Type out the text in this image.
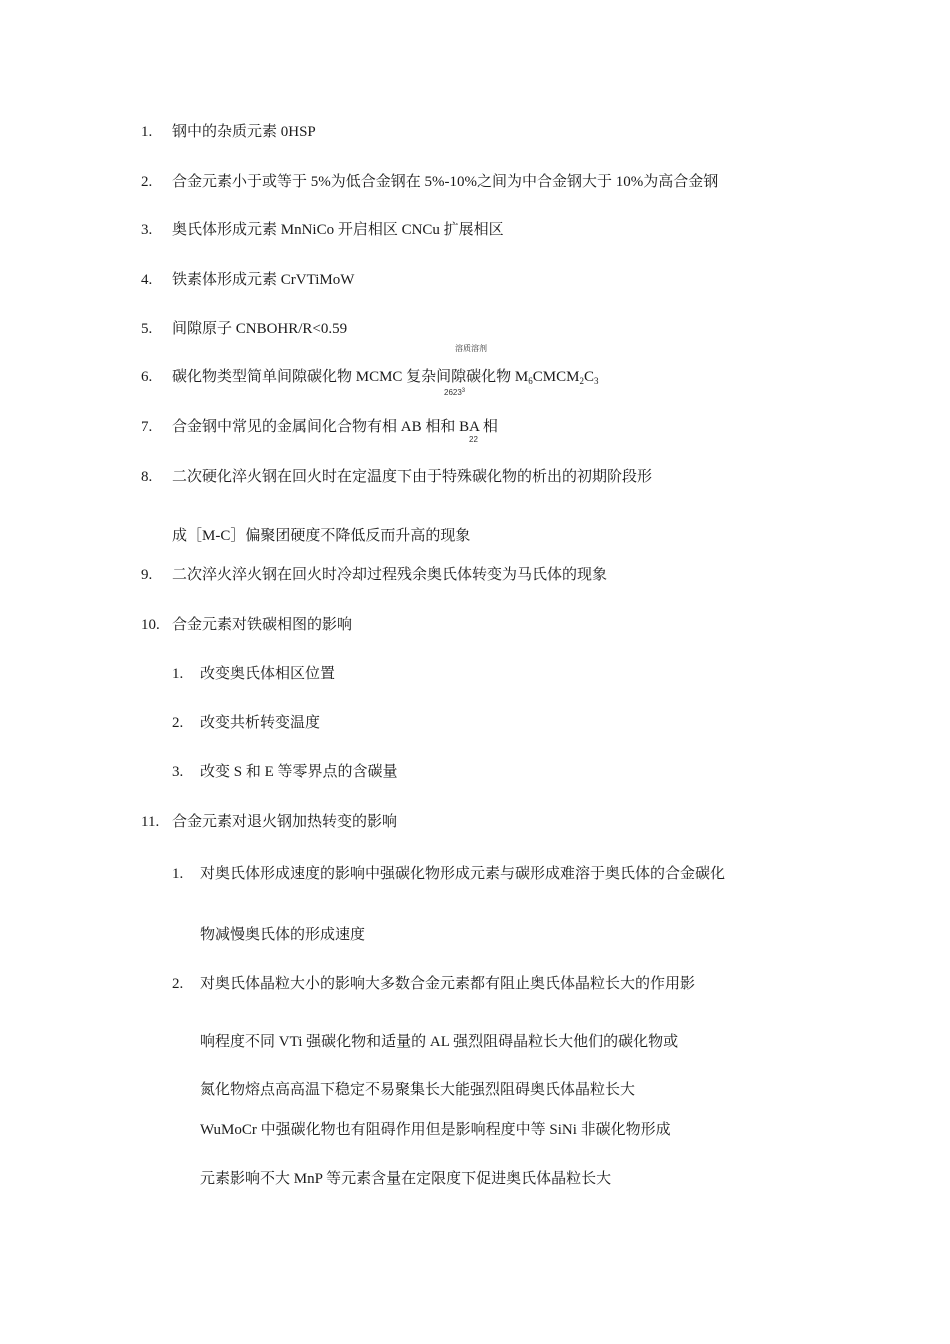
1. 钢中的杂质元素 0HSP
2. 合金元素小于或等于 5%为低合金钢在 5%-10%之间为中合金钢大于 10%为高合金钢
3. 奥氏体形成元素 MnNiCo 开启相区 CNCu 扩展相区
4. 铁素体形成元素 CrVTiMoW
5. 间隙原子 CNBOHR/R<0.59
溶质溶剂
6. 碳化物类型简单间隙碳化物 MCMC 复杂间隙碳化物 $M_6CMCM_2C_3$
2623$^3$
7. 合金钢中常见的金属间化合物有相 AB 相和 BA 相
22
8. 二次硬化淬火钢在回火时在定温度下由于特殊碳化物的析出的初期阶段形
成［M-C］偏聚团硬度不降低反而升高的现象
9. 二次淬火淬火钢在回火时冷却过程残余奥氏体转变为马氏体的现象
10. 合金元素对铁碳相图的影响
1. 改变奥氏体相区位置
2. 改变共析转变温度
3. 改变 S 和 E 等零界点的含碳量
11. 合金元素对退火钢加热转变的影响
1. 对奥氏体形成速度的影响中强碳化物形成元素与碳形成难溶于奥氏体的合金碳化
物减慢奥氏体的形成速度
2. 对奥氏体晶粒大小的影响大多数合金元素都有阻止奥氏体晶粒长大的作用影
响程度不同 VTi 强碳化物和适量的 AL 强烈阻碍晶粒长大他们的碳化物或
氮化物熔点高高温下稳定不易聚集长大能强烈阻碍奥氏体晶粒长大
WuMoCr 中强碳化物也有阻碍作用但是影响程度中等 SiNi 非碳化物形成
元素影响不大 MnP 等元素含量在定限度下促进奥氏体晶粒长大
